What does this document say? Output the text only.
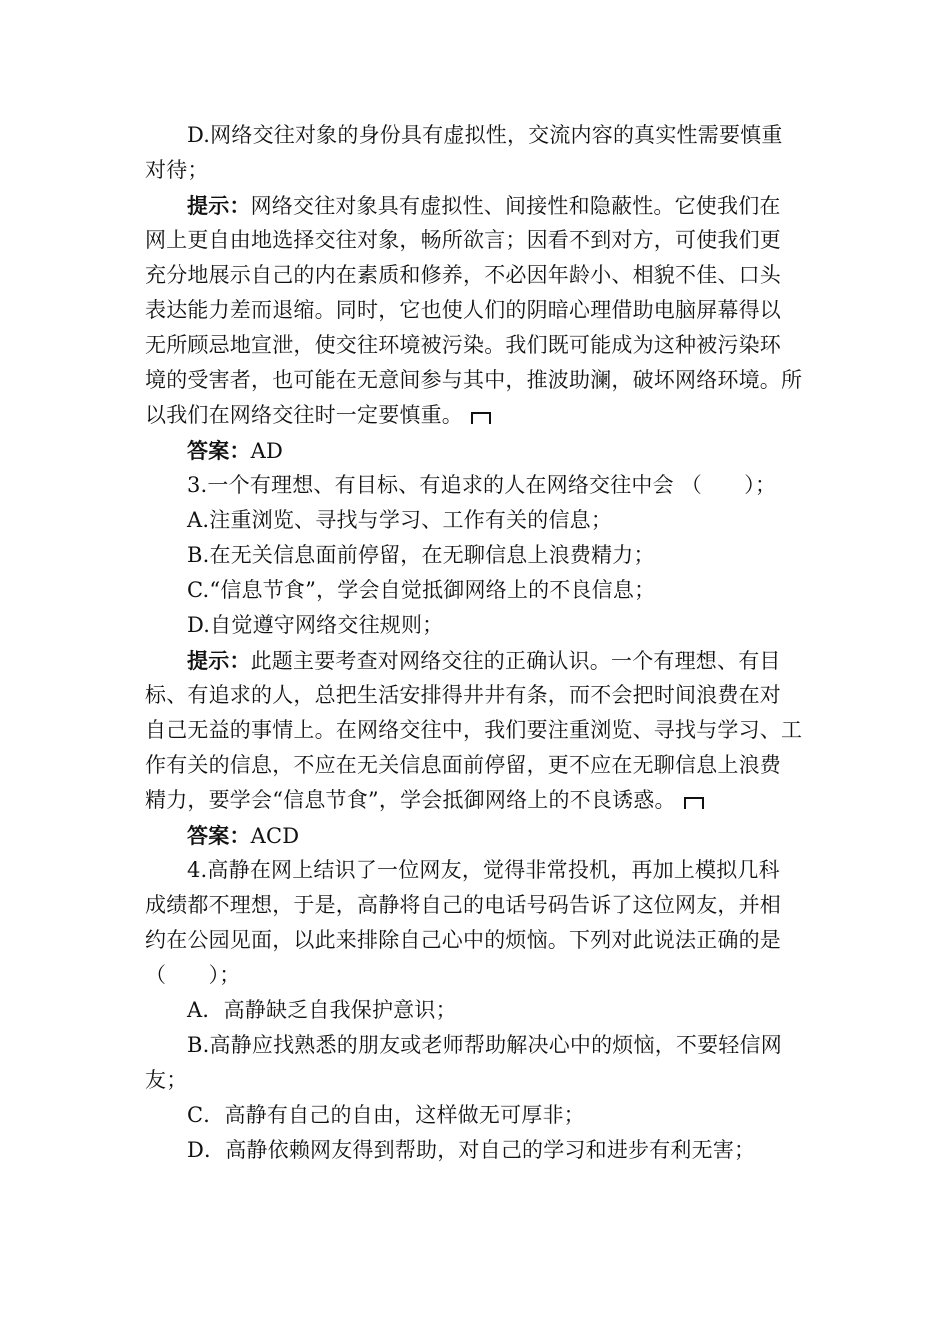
D.网络交往对象的身份具有虚拟性，交流内容的真实性需要慎重
对待；
提示：网络交往对象具有虚拟性、间接性和隐蔽性。它使我们在
网上更自由地选择交往对象，畅所欲言；因看不到对方，可使我们更
充分地展示自己的内在素质和修养，不必因年龄小、相貌不佳、口头
表达能力差而退缩。同时，它也使人们的阴暗心理借助电脑屏幕得以
无所顾忌地宣泄，使交往环境被污染。我们既可能成为这种被污染环
境的受害者，也可能在无意间参与其中，推波助澜，破坏网络环境。所
以我们在网络交往时一定要慎重。
答案：AD
3.一个有理想、有目标、有追求的人在网络交往中会 （　　）；
A.注重浏览、寻找与学习、工作有关的信息；
B.在无关信息面前停留，在无聊信息上浪费精力；
C.“信息节食”，学会自觉抵御网络上的不良信息；
D.自觉遵守网络交往规则；
提示：此题主要考查对网络交往的正确认识。一个有理想、有目
标、有追求的人，总把生活安排得井井有条，而不会把时间浪费在对
自己无益的事情上。在网络交往中，我们要注重浏览、寻找与学习、工
作有关的信息，不应在无关信息面前停留，更不应在无聊信息上浪费
精力，要学会“信息节食”，学会抵御网络上的不良诱惑。
答案：ACD
4.高静在网上结识了一位网友，觉得非常投机，再加上模拟几科
成绩都不理想，于是，高静将自己的电话号码告诉了这位网友，并相
约在公园见面，以此来排除自己心中的烦恼。下列对此说法正确的是
（　　）；
A．高静缺乏自我保护意识；
B.高静应找熟悉的朋友或老师帮助解决心中的烦恼，不要轻信网
友；
C．高静有自己的自由，这样做无可厚非；
D．高静依赖网友得到帮助，对自己的学习和进步有利无害；
